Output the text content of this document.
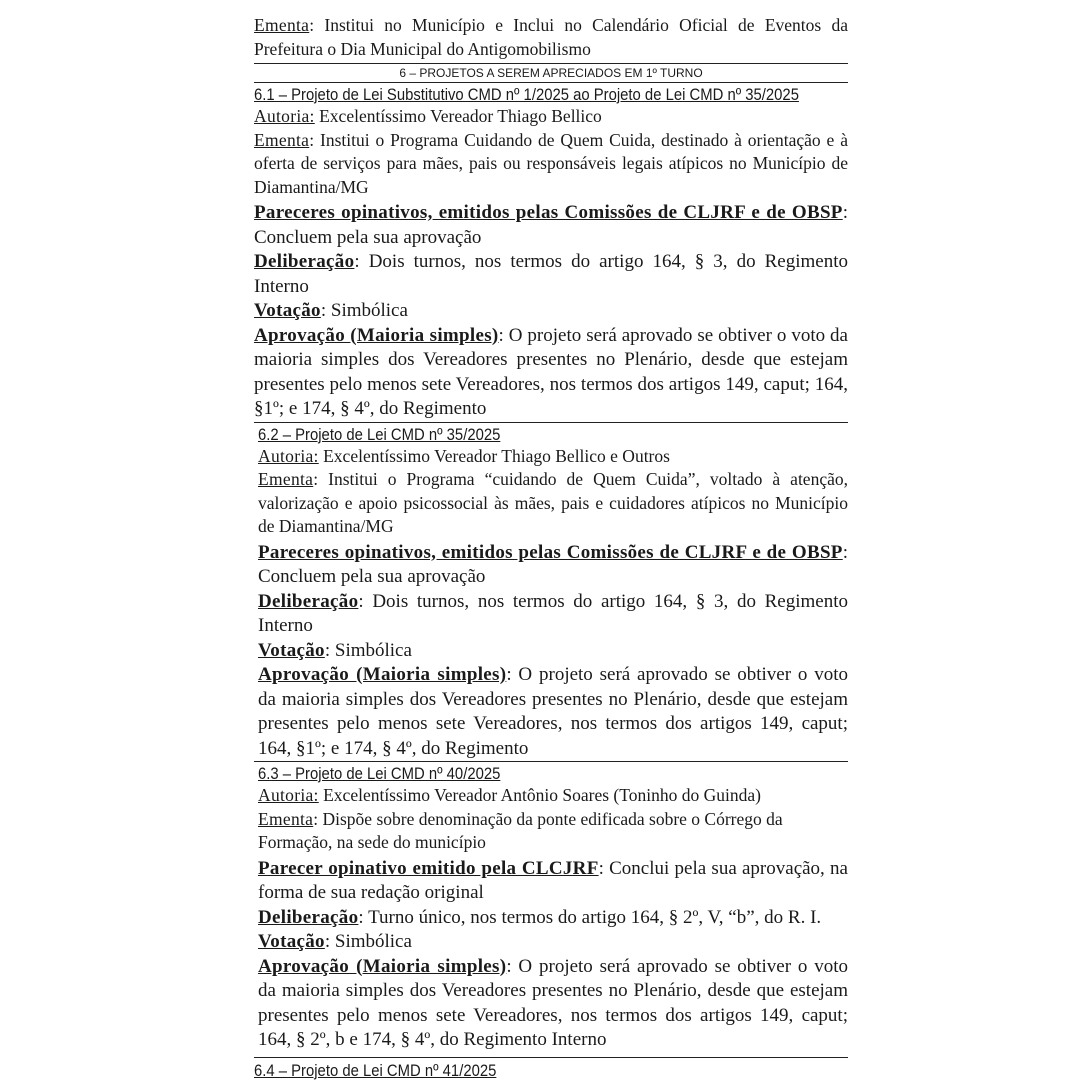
Ementa: Institui no Município e Inclui no Calendário Oficial de Eventos da Prefeitura o Dia Municipal do Antigomobilismo

6 – PROJETOS A SEREM APRECIADOS EM 1º TURNO

6.1 – Projeto de Lei Substitutivo CMD nº 1/2025 ao Projeto de Lei CMD nº 35/2025

Autoria: Excelentíssimo Vereador Thiago Bellico

Ementa: Institui o Programa Cuidando de Quem Cuida, destinado à orientação e à oferta de serviços para mães, pais ou responsáveis legais atípicos no Município de Diamantina/MG

Pareceres opinativos, emitidos pelas Comissões de CLJRF e de OBSP: Concluem pela sua aprovação

Deliberação: Dois turnos, nos termos do artigo 164, § 3, do Regimento Interno

Votação: Simbólica

Aprovação (Maioria simples): O projeto será aprovado se obtiver o voto da maioria simples dos Vereadores presentes no Plenário, desde que estejam presentes pelo menos sete Vereadores, nos termos dos artigos 149, caput; 164, §1º; e 174, § 4º, do Regimento

6.2 – Projeto de Lei CMD nº 35/2025

Autoria: Excelentíssimo Vereador Thiago Bellico e Outros

Ementa: Institui o Programa “cuidando de Quem Cuida”, voltado à atenção, valorização e apoio psicossocial às mães, pais e cuidadores atípicos no Município de Diamantina/MG

Pareceres opinativos, emitidos pelas Comissões de CLJRF e de OBSP: Concluem pela sua aprovação

Deliberação: Dois turnos, nos termos do artigo 164, § 3, do Regimento Interno

Votação: Simbólica

Aprovação (Maioria simples): O projeto será aprovado se obtiver o voto da maioria simples dos Vereadores presentes no Plenário, desde que estejam presentes pelo menos sete Vereadores, nos termos dos artigos 149, caput; 164, §1º; e 174, § 4º, do Regimento

6.3 – Projeto de Lei CMD nº 40/2025

Autoria: Excelentíssimo Vereador Antônio Soares (Toninho do Guinda)

Ementa: Dispõe sobre denominação da ponte edificada sobre o Córrego da Formação, na sede do município

Parecer opinativo emitido pela CLCJRF: Conclui pela sua aprovação, na forma de sua redação original

Deliberação: Turno único, nos termos do artigo 164, § 2º, V, “b”, do R. I.

Votação: Simbólica

Aprovação (Maioria simples): O projeto será aprovado se obtiver o voto da maioria simples dos Vereadores presentes no Plenário, desde que estejam presentes pelo menos sete Vereadores, nos termos dos artigos 149, caput; 164, § 2º, b e 174, § 4º, do Regimento Interno

6.4 – Projeto de Lei CMD nº 41/2025
